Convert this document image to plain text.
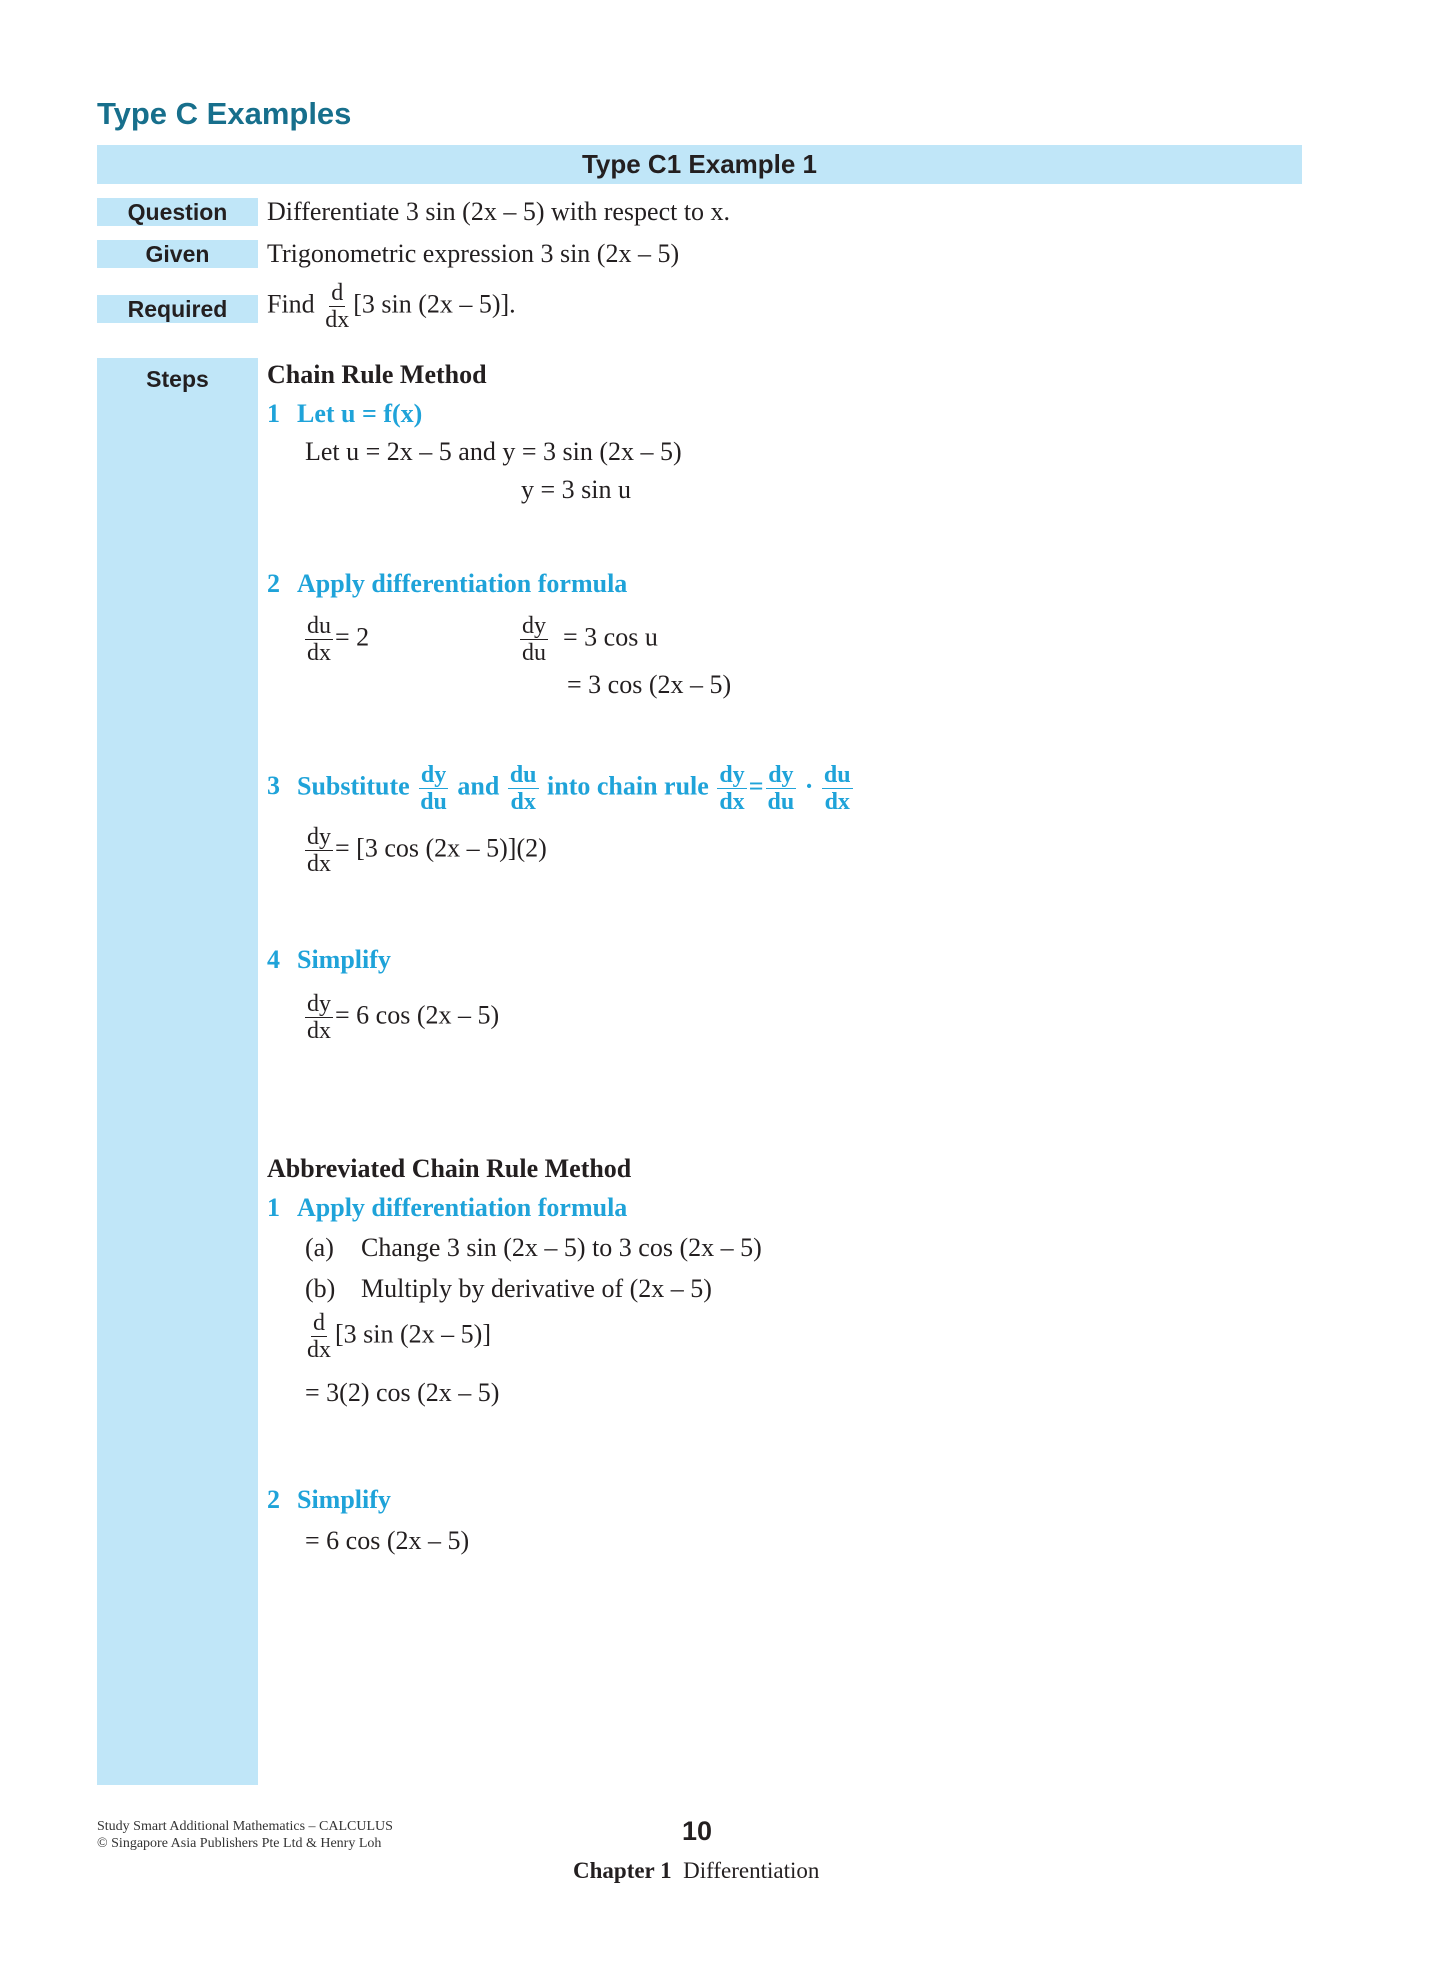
Type C Examples
Type C1 Example 1
Question	Differentiate 3 sin (2x – 5) with respect to x.
Given	Trigonometric expression 3 sin (2x – 5)
Required	Find $\frac{d}{dx} [3$ sin (2x – 5)].
Steps	Chain Rule Method
1 Let u = f(x)
Let u = 2x – 5 and y = 3 sin (2x – 5)
y = 3 sin u
2 Apply differentiation formula
$\frac{du}{dx} = 2$	$\frac{dy}{du} = 3$ cos u
= 3 cos (2x – 5)
3 Substitute $\frac{dy}{du}$ and $\frac{du}{dx}$ into chain rule $\frac{dy}{dx} = \frac{dy}{du} \cdot \frac{du}{dx}$
$\frac{dy}{dx} = [3$ cos (2x – 5)](2)
4 Simplify
$\frac{dy}{dx} = 6$ cos (2x – 5)
Abbreviated Chain Rule Method
1 Apply differentiation formula
(a) Change 3 sin (2x – 5) to 3 cos (2x – 5)
(b) Multiply by derivative of (2x – 5)
$\frac{d}{dx} [3$ sin (2x – 5)]
= 3(2) cos (2x – 5)
2 Simplify
= 6 cos (2x – 5)
Study Smart Additional Mathematics – CALCULUS
© Singapore Asia Publishers Pte Ltd & Henry Loh	10
Chapter 1 Differentiation
